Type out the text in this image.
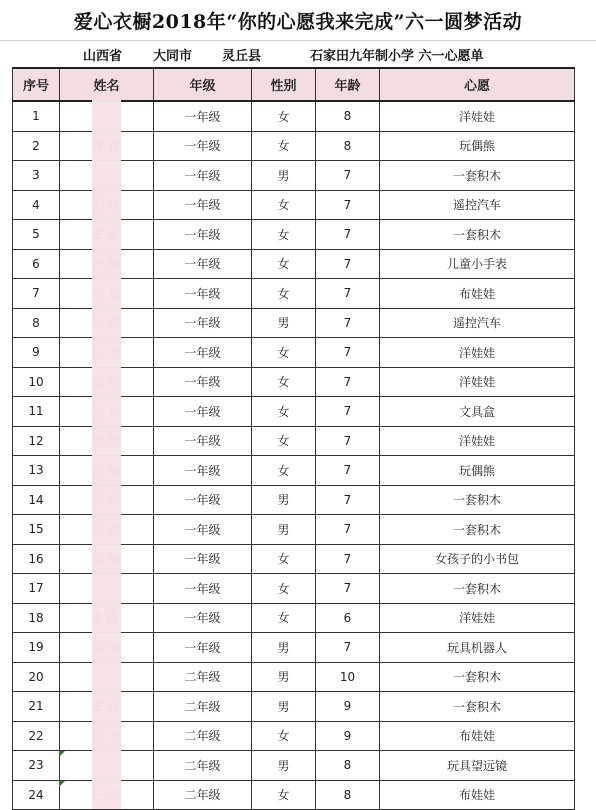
爱心衣橱2018年“你的心愿我来完成”六一圆梦活动
山西省 大同市 灵丘县	石家田九年制小学 六一心愿单
序号	姓名	年级	性别	年龄	心愿
1		一年级	女	8	洋娃娃
2		一年级	女	8	玩偶熊
3		一年级	男	7	一套积木
4		一年级	女	7	遥控汽车
5		一年级	女	7	一套积木
6		一年级	女	7	儿童小手表
7		一年级	女	7	布娃娃
8		一年级	男	7	遥控汽车
9		一年级	女	7	洋娃娃
10		一年级	女	7	洋娃娃
11		一年级	女	7	文具盒
12		一年级	女	7	洋娃娃
13		一年级	女	7	玩偶熊
14		一年级	男	7	一套积木
15		一年级	男	7	一套积木
16		一年级	女	7	女孩子的小书包
17		一年级	女	7	一套积木
18		一年级	女	6	洋娃娃
19		一年级	男	7	玩具机器人
20		二年级	男	10	一套积木
21		二年级	男	9	一套积木
22		二年级	女	9	布娃娃
23		二年级	男	8	玩具望远镜
24		二年级	女	8	布娃娃
